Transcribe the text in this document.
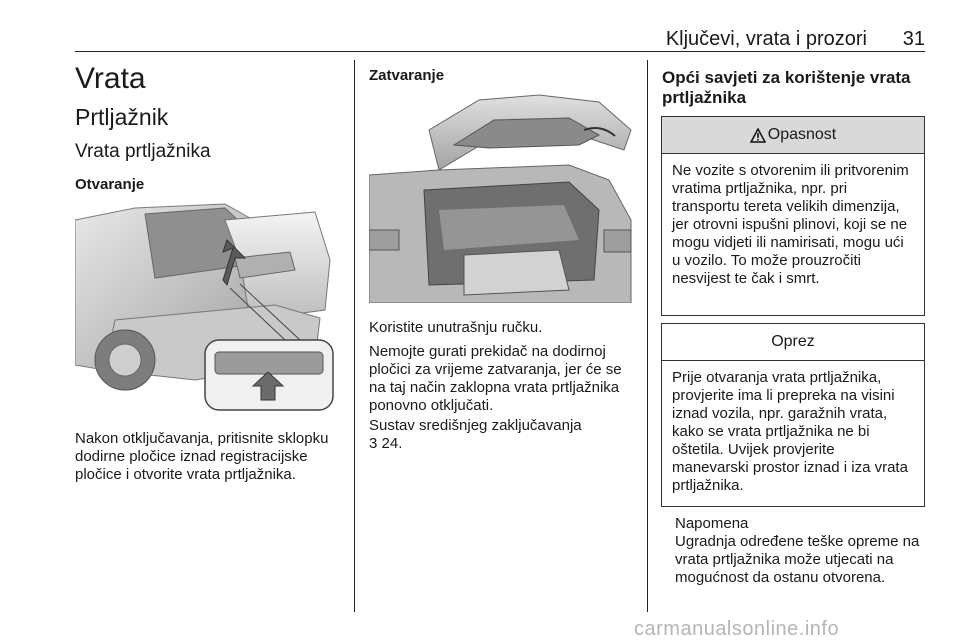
Ključevi, vrata i prozori 31
Vrata
Prtljažnik
Vrata prtljažnika
Otvaranje

Nakon otključavanja, pritisnite sklopku dodirne pločice iznad registracijske pločice i otvorite vrata prtljažnika.

Zatvaranje

Koristite unutrašnju ručku.

Nemojte gurati prekidač na dodirnoj pločici za vrijeme zatvaranja, jer će se na taj način zaklopna vrata prtljažnika ponovno otključati.

Sustav središnjeg zaključavanja
3 24.

Opći savjeti za korištenje vrata prtljažnika
Opasnost
Ne vozite s otvorenim ili pritvorenim vratima prtljažnika, npr. pri transportu tereta velikih dimenzija, jer otrovni ispušni plinovi, koji se ne mogu vidjeti ili namirisati, mogu ući u vozilo. To može prouzročiti nesvijest te čak i smrt.
Oprez
Prije otvaranja vrata prtljažnika, provjerite ima li prepreka na visini iznad vozila, npr. garažnih vrata, kako se vrata prtljažnika ne bi oštetila. Uvijek provjerite manevarski prostor iznad i iza vrata prtljažnika.
Napomena
Ugradnja određene teške opreme na vrata prtljažnika može utjecati na mogućnost da ostanu otvorena.
carmanualsonline.info
